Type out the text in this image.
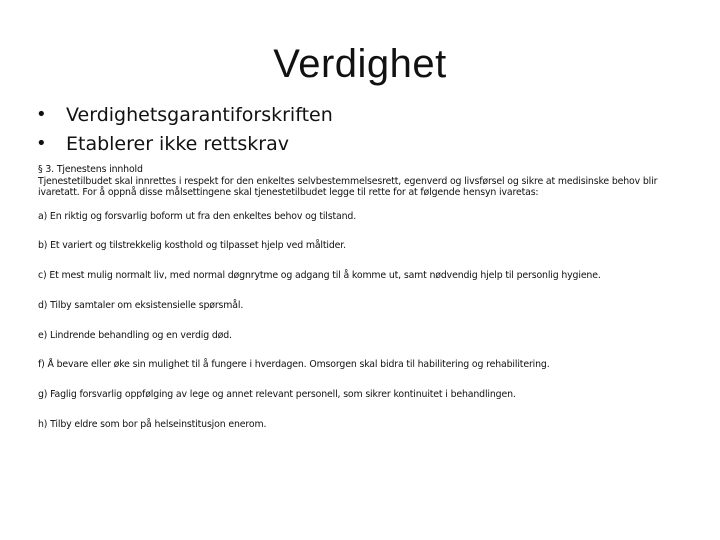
Verdighet
•	Verdighetsgarantiforskriften
•	Etablerer ikke rettskrav

§ 3. Tjenestens innhold

Tjenestetilbudet skal innrettes i respekt for den enkeltes selvbestemmelsesrett, egenverd og livsførsel og sikre at medisinske behov blir ivaretatt. For å oppnå disse målsettingene skal tjenestetilbudet legge til rette for at følgende hensyn ivaretas:

a) En riktig og forsvarlig boform ut fra den enkeltes behov og tilstand.

b) Et variert og tilstrekkelig kosthold og tilpasset hjelp ved måltider.

c) Et mest mulig normalt liv, med normal døgnrytme og adgang til å komme ut, samt nødvendig hjelp til personlig hygiene.

d) Tilby samtaler om eksistensielle spørsmål.

e) Lindrende behandling og en verdig død.

f) Å bevare eller øke sin mulighet til å fungere i hverdagen. Omsorgen skal bidra til habilitering og rehabilitering.

g) Faglig forsvarlig oppfølging av lege og annet relevant personell, som sikrer kontinuitet i behandlingen.

h) Tilby eldre som bor på helseinstitusjon enerom.
